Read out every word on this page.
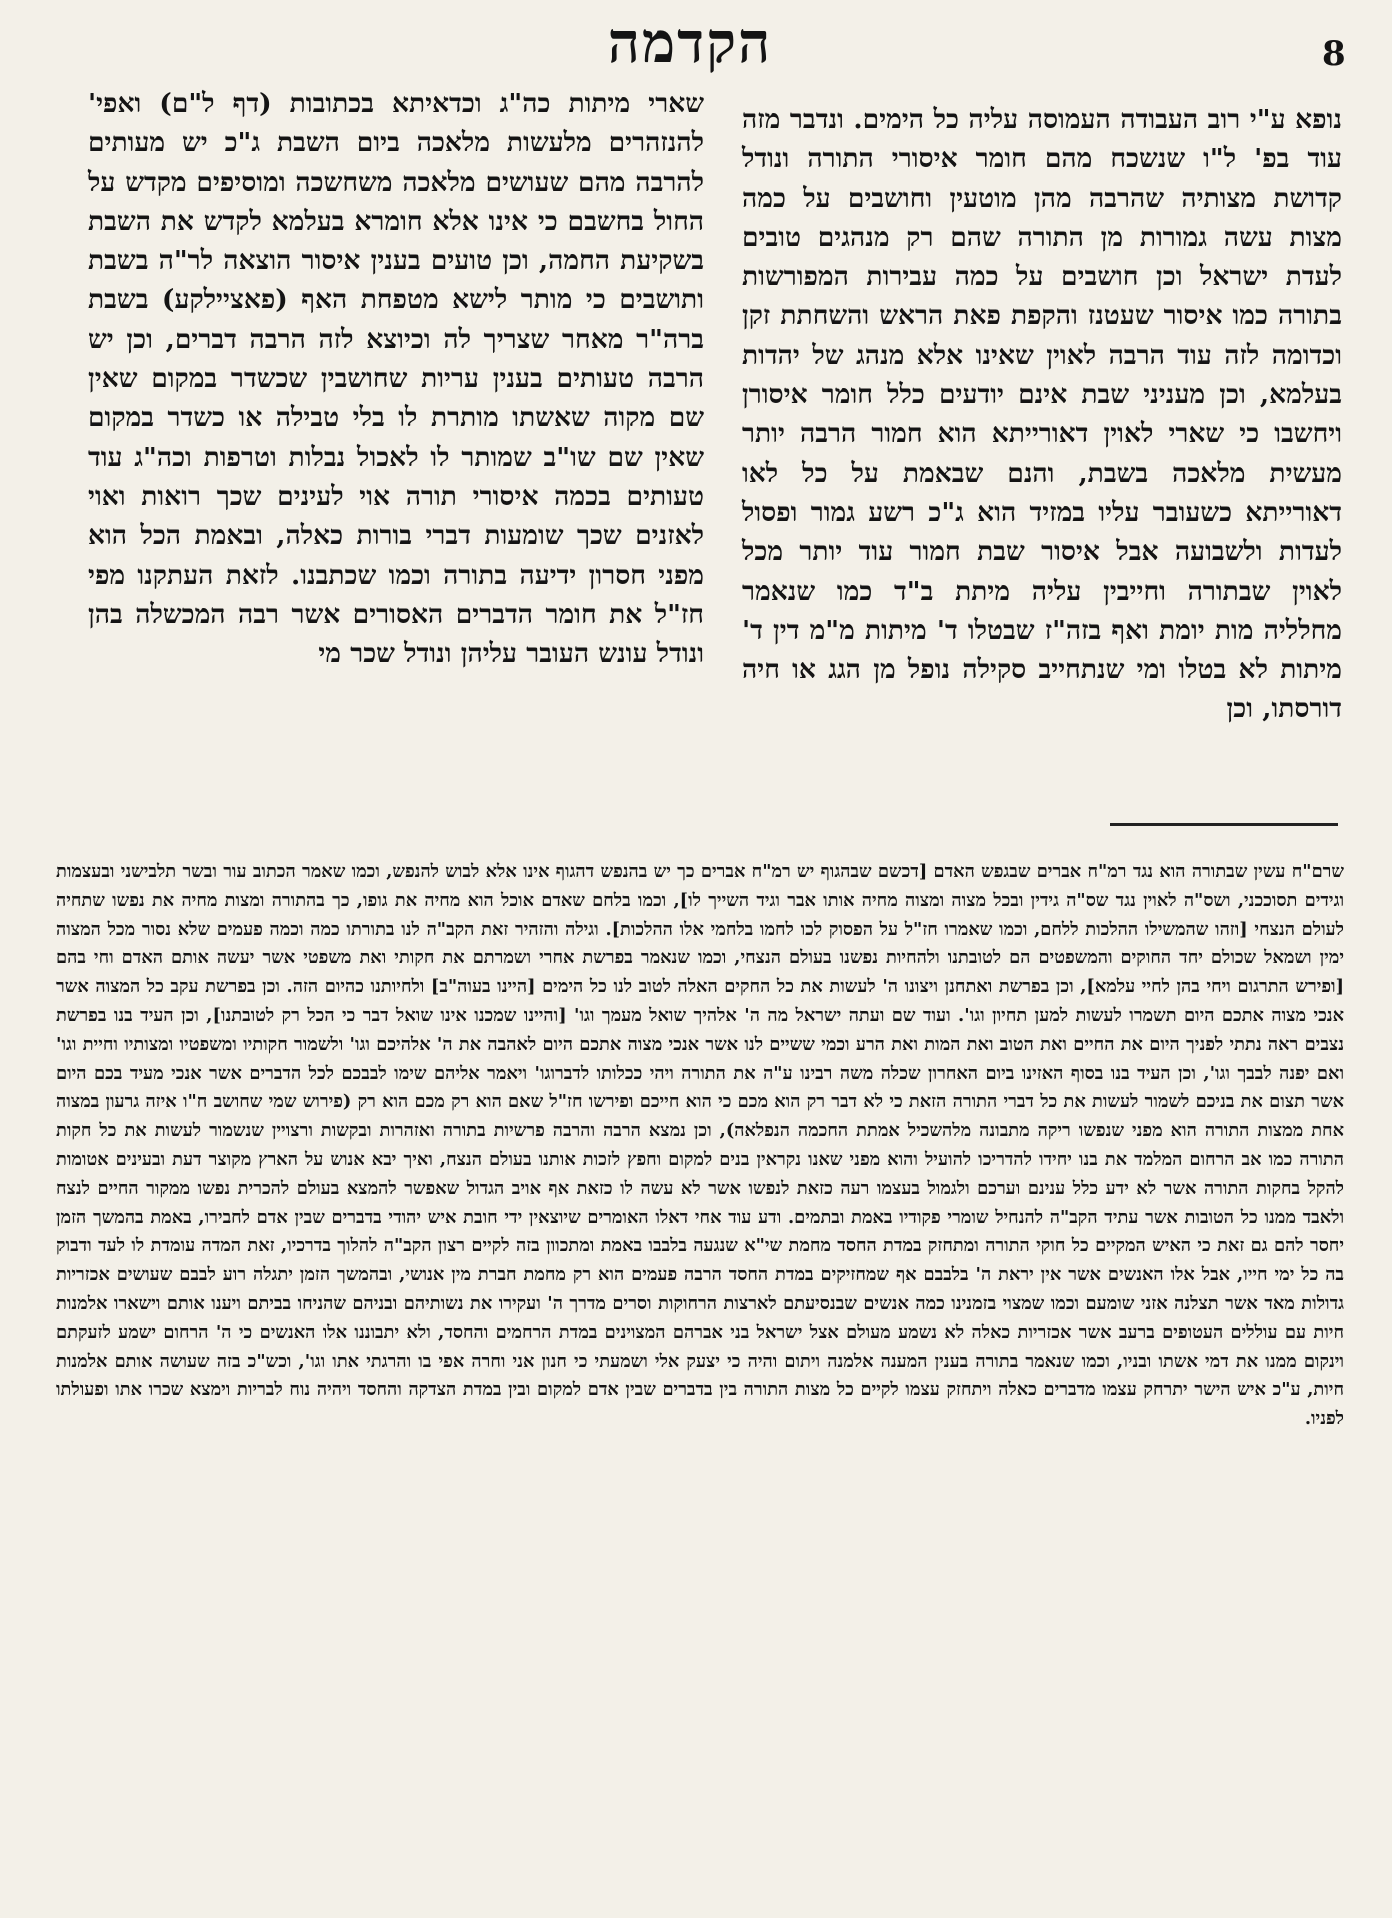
8
הקדמה

נופא ע"י רוב העבודה העמוסה עליה כל הימים. ונדבר מזה עוד בפ' ל"ו שנשכח מהם חומר איסורי התורה ונודל קדושת מצותיה שהרבה מהן מוטעין וחושבים על כמה מצות עשה גמורות מן התורה שהם רק מנהגים טובים לעדת ישראל וכן חושבים על כמה עבירות המפורשות בתורה כמו איסור שעטנז והקפת פאת הראש והשחתת זקן וכדומה לזה עוד הרבה לאוין שאינו אלא מנהג של יהדות בעלמא, וכן מעניני שבת אינם יודעים כלל חומר איסורן ויחשבו כי שארי לאוין דאורייתא הוא חמור הרבה יותר מעשית מלאכה בשבת, והנם שבאמת על כל לאו דאורייתא כשעובר עליו במזיד הוא ג"כ רשע גמור ופסול לעדות ולשבועה אבל איסור שבת חמור עוד יותר מכל לאוין שבתורה וחייבין עליה מיתת ב"ד כמו שנאמר מחלליה מות יומת ואף בזה"ז שבטלו ד' מיתות מ"מ דין ד' מיתות לא בטלו ומי שנתחייב סקילה נופל מן הגג או חיה דורסתו, וכן

שארי מיתות כה"ג וכדאיתא בכתובות (דף ל"ם) ואפי' להנזהרים מלעשות מלאכה ביום השבת ג"כ יש מעותים להרבה מהם שעושים מלאכה משחשכה ומוסיפים מקדש על החול בחשבם כי אינו אלא חומרא בעלמא לקדש את השבת בשקיעת החמה, וכן טועים בענין איסור הוצאה לר"ה בשבת ותושבים כי מותר לישא מטפחת האף (פאציילקע) בשבת ברה"ר מאחר שצריך לה וכיוצא לזה הרבה דברים, וכן יש הרבה טעותים בענין עריות שחושבין שכשדר במקום שאין שם מקוה שאשתו מותרת לו בלי טבילה או כשדר במקום שאין שם שו"ב שמותר לו לאכול נבלות וטרפות וכה"ג עוד טעותים בכמה איסורי תורה אוי לעינים שכך רואות ואוי לאזנים שכך שומעות דברי בורות כאלה, ובאמת הכל הוא מפני חסרון ידיעה בתורה וכמו שכתבנו. לזאת העתקנו מפי חז"ל את חומר הדברים האסורים אשר רבה המכשלה בהן ונודל עונש העובר עליהן ונודל שכר מי

שרם"ח עשין שבתורה הוא נגד רמ"ח אברים שבגפש האדם [דכשם שבהגוף יש רמ"ח אברים כך יש בהנפש דהגוף אינו אלא לבוש להנפש, וכמו שאמר הכתוב עור ובשר תלבישני ובעצמות וגידים תסוככני, ושס"ה לאוין נגד שס"ה גידין ובכל מצוה ומצוה מחיה אותו אבר וגיד השייך לו], וכמו בלחם שאדם אוכל הוא מחיה את גופו, כך בהתורה ומצות מחיה את נפשו שתחיה לעולם הנצחי [וזהו שהמשילו ההלכות ללחם, וכמו שאמרו חז"ל על הפסוק לכו לחמו בלחמי אלו ההלכות]. וגילה והזהיר זאת הקב"ה לנו בתורתו כמה וכמה פעמים שלא נסור מכל המצוה ימין ושמאל שכולם יחד החוקים והמשפטים הם לטובתנו ולהחיות נפשנו בעולם הנצחי, וכמו שנאמר בפרשת אחרי ושמרתם את חקותי ואת משפטי אשר יעשה אותם האדם וחי בהם [ופירש התרגום ויחי בהן לחיי עלמא], וכן בפרשת ואתחנן ויצונו ה' לעשות את כל החקים האלה לטוב לנו כל הימים [היינו בעוה"ב] ולחיותנו כהיום הזה. וכן בפרשת עקב כל המצוה אשר אנכי מצוה אתכם היום תשמרו לעשות למען תחיון וגו'. ועוד שם ועתה ישראל מה ה' אלהיך שואל מעמך וגו' [והיינו שמכנו אינו שואל דבר כי הכל רק לטובתנו], וכן העיד בנו בפרשת נצבים ראה נתתי לפניך היום את החיים ואת הטוב ואת המות ואת הרע וכמי ששיים לנו אשר אנכי מצוה אתכם היום לאהבה את ה' אלהיכם וגו' ולשמור חקותיו ומשפטיו ומצותיו וחיית וגו' ואם יפנה לבבך וגו', וכן העיד בנו בסוף האזינו ביום האחרון שכלה משה רבינו ע"ה את התורה ויהי ככלותו לדברוגו' ויאמר אליהם שימו לבבכם לכל הדברים אשר אנכי מעיד בכם היום אשר תצום את בניכם לשמור לעשות את כל דברי התורה הזאת כי לא דבר רק הוא מכם כי הוא חייכם ופירשו חז"ל שאם הוא רק מכם הוא רק (פירוש שמי שחושב ח"ו איזה גרעון במצוה אחת ממצות התורה הוא מפני שנפשו ריקה מתבונה מלהשכיל אמתת החכמה הנפלאה), וכן נמצא הרבה והרבה פרשיות בתורה ואזהרות ובקשות ורצויין שנשמור לעשות את כל חקות התורה כמו אב הרחום המלמד את בנו יחידו להדריכו להועיל והוא מפני שאנו נקראין בנים למקום וחפץ לזכות אותנו בעולם הנצח, ואיך יבא אנוש על הארץ מקוצר דעת ובעינים אטומות להקל בחקות התורה אשר לא ידע כלל ענינם וערכם ולגמול בעצמו רעה כזאת לנפשו אשר לא עשה לו כזאת אף אויב הגדול שאפשר להמצא בעולם להכרית נפשו ממקור החיים לנצח ולאבד ממנו כל הטובות אשר עתיד הקב"ה להנחיל שומרי פקודיו באמת ובתמים. ודע עוד אחי דאלו האומרים שיוצאין ידי חובת איש יהודי בדברים שבין אדם לחבירו, באמת בהמשך הזמן יחסר להם גם זאת כי האיש המקיים כל חוקי התורה ומתחזק במדת החסד מחמת שי"א שנגעה בלבבו באמת ומתכוון בזה לקיים רצון הקב"ה להלוך בדרכיו, זאת המדה עומדת לו לעד ודבוק בה כל ימי חייו, אבל אלו האנשים אשר אין יראת ה' בלבבם אף שמחזיקים במדת החסד הרבה פעמים הוא רק מחמת חברת מין אנושי, ובהמשך הזמן יתגלה רוע לבבם שעושים אכזריות גדולות מאד אשר תצלנה אזני שומעם וכמו שמצוי בזמנינו כמה אנשים שבנסיעתם לארצות הרחוקות וסרים מדרך ה' ועקירו את נשותיהם ובניהם שהניחו בביתם ויענו אותם וישארו אלמנות חיות עם עוללים העטופים ברעב אשר אכזריות כאלה לא נשמע מעולם אצל ישראל בני אברהם המצוינים במדת הרחמים והחסד, ולא יתבוננו אלו האנשים כי ה' הרחום ישמע לזעקתם וינקום ממנו את דמי אשתו ובניו, וכמו שנאמר בתורה בענין המענה אלמנה ויתום והיה כי יצעק אלי ושמעתי כי חנון אני וחרה אפי בו והרגתי אתו וגו', וכש"כ בזה שעושה אותם אלמנות חיות, ע"כ איש הישר יתרחק עצמו מדברים כאלה ויתחזק עצמו לקיים כל מצות התורה בין בדברים שבין אדם למקום ובין במדת הצדקה והחסד ויהיה נוח לבריות וימצא שכרו אתו ופעולתו לפניו.
